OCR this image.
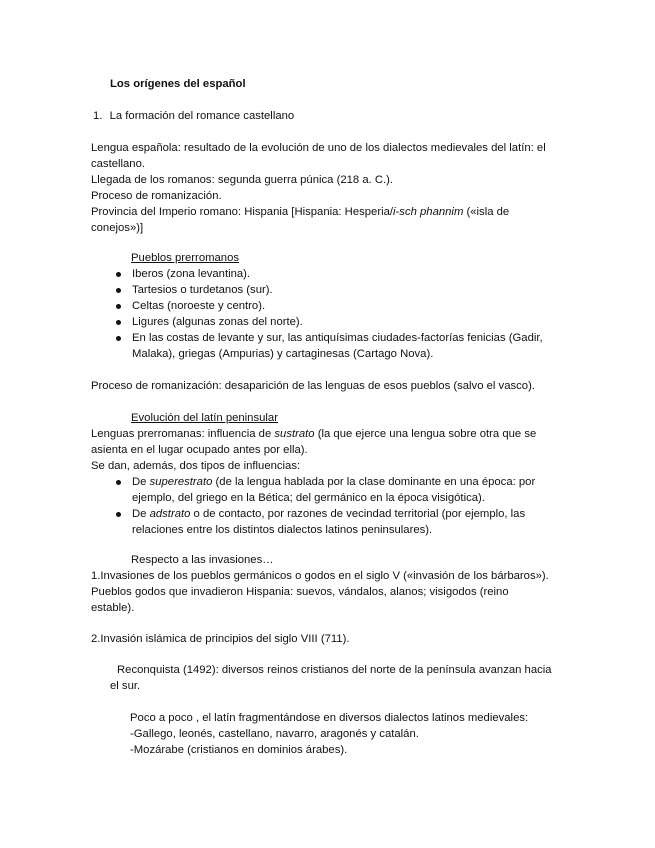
Los orígenes del español
1. La formación del romance castellano
Lengua española: resultado de la evolución de uno de los dialectos medievales del latín: el
castellano.
Llegada de los romanos: segunda guerra púnica (218 a. C.).
Proceso de romanización.
Provincia del Imperio romano: Hispania [Hispania: Hesperia/i-sch phannim («isla de
conejos»)]
Pueblos prerromanos
Iberos (zona levantina).
Tartesios o turdetanos (sur).
Celtas (noroeste y centro).
Ligures (algunas zonas del norte).
En las costas de levante y sur, las antiquísimas ciudades-factorías fenicias (Gadir,
Malaka), griegas (Ampurias) y cartaginesas (Cartago Nova).
Proceso de romanización: desaparición de las lenguas de esos pueblos (salvo el vasco).
Evolución del latín peninsular
Lenguas prerromanas: influencia de sustrato (la que ejerce una lengua sobre otra que se
asienta en el lugar ocupado antes por ella).
Se dan, además, dos tipos de influencias:
De superestrato (de la lengua hablada por la clase dominante en una época: por
ejemplo, del griego en la Bética; del germánico en la época visigótica).
De adstrato o de contacto, por razones de vecindad territorial (por ejemplo, las
relaciones entre los distintos dialectos latinos peninsulares).
Respecto a las invasiones…
1.Invasiones de los pueblos germánicos o godos en el siglo V («invasión de los bárbaros»).
Pueblos godos que invadieron Hispania: suevos, vándalos, alanos; visigodos (reino
estable).
2.Invasión islámica de principios del siglo VIII (711).
Reconquista (1492): diversos reinos cristianos del norte de la península avanzan hacia
el sur.
Poco a poco , el latín fragmentándose en diversos dialectos latinos medievales:
-Gallego, leonés, castellano, navarro, aragonés y catalán.
-Mozárabe (cristianos en dominios árabes).
